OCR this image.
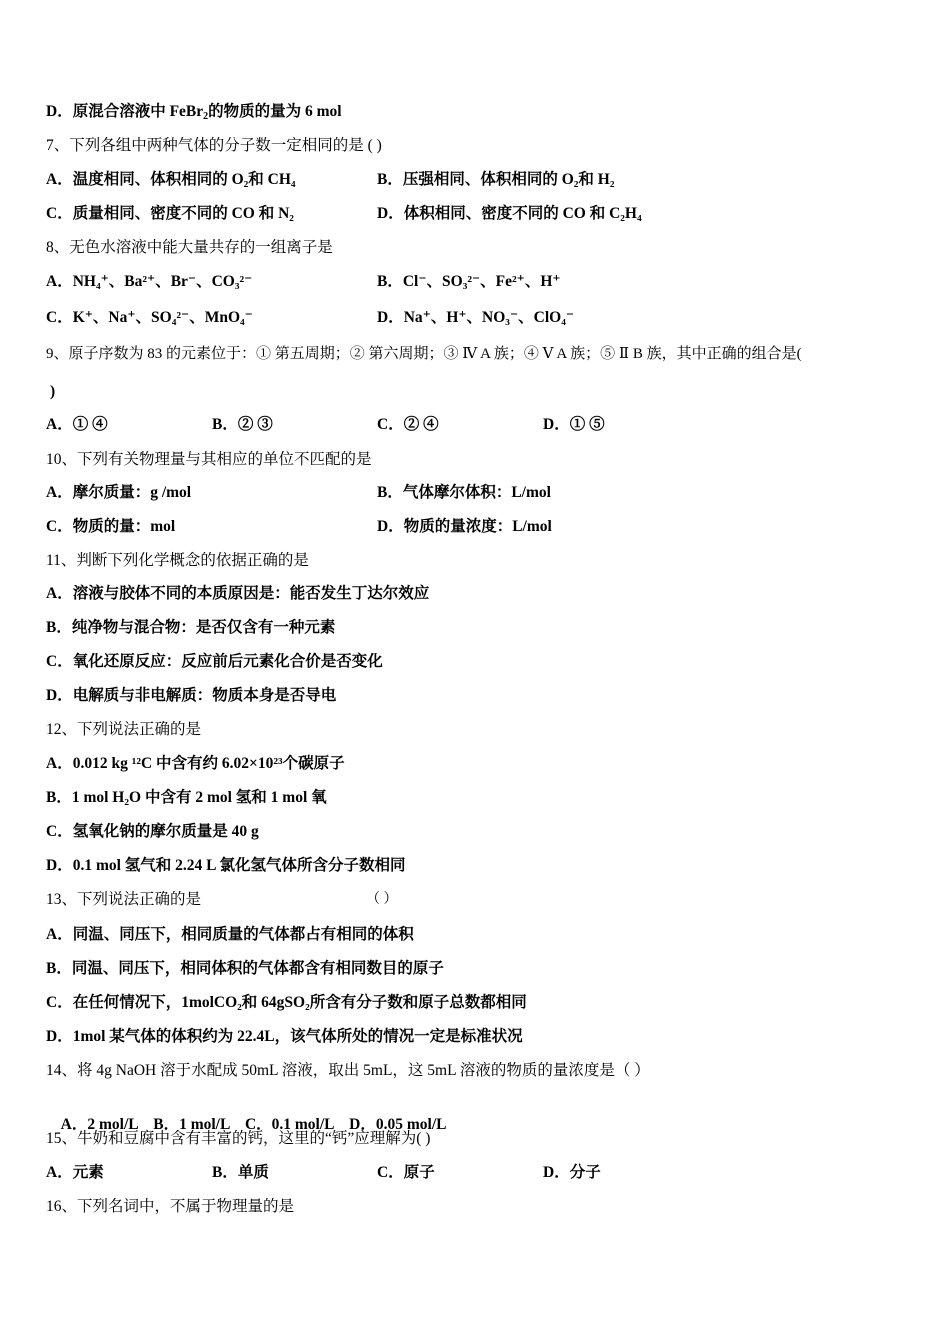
D．原混合溶液中 FeBr$_2$的物质的量为 6 mol
7、下列各组中两种气体的分子数一定相同的是 ( )
A．温度相同、体积相同的 O₂和 CH₄	B．压强相同、体积相同的 O₂和 H₂
C．质量相同、密度不同的 CO 和 N₂	D．体积相同、密度不同的 CO 和 C₂H₄
8、无色水溶液中能大量共存的一组离子是
A．NH₄⁺、Ba²⁺、Br⁻、CO₃²⁻	B．Cl⁻、SO₃²⁻、Fe²⁺、H⁺
C．K⁺、Na⁺、SO₄²⁻、MnO₄⁻	D．Na⁺、H⁺、NO₃⁻、ClO₄⁻
9、原子序数为 83 的元素位于：① 第五周期；② 第六周期；③ Ⅳ A 族；④ Ⅴ A 族；⑤ Ⅱ B 族，其中正确的组合是(
)
A．① ④	B．② ③	C．② ④	D．① ⑤
10、下列有关物理量与其相应的单位不匹配的是
A．摩尔质量：g /mol	B．气体摩尔体积：L/mol
C．物质的量：mol	D．物质的量浓度：L/mol
11、判断下列化学概念的依据正确的是
A．溶液与胶体不同的本质原因是：能否发生丁达尔效应
B．纯净物与混合物：是否仅含有一种元素
C．氧化还原反应：反应前后元素化合价是否变化
D．电解质与非电解质：物质本身是否导电
12、下列说法正确的是
A．0.012 kg ¹²C 中含有约 6.02×10²³个碳原子
B．1 mol H₂O 中含有 2 mol 氢和 1 mol 氧
C．氢氧化钠的摩尔质量是 40 g
D．0.1 mol 氢气和 2.24 L 氯化氢气体所含分子数相同
13、下列说法正确的是	（ ）
A．同温、同压下，相同质量的气体都占有相同的体积
B．同温、同压下，相同体积的气体都含有相同数目的原子
C．在任何情况下，1molCO₂和 64gSO₂所含有分子数和原子总数都相同
D．1mol 某气体的体积约为 22.4L，该气体所处的情况一定是标准状况
14、将 4g NaOH 溶于水配成 50mL 溶液，取出 5mL，这 5mL 溶液的物质的量浓度是（ ）

A．2 mol/L    B．1 mol/L    C．0.1 mol/L    D．0.05 mol/L

15、牛奶和豆腐中含有丰富的钙，这里的“钙”应理解为( )
A．元素	B．单质	C．原子	D．分子
16、下列名词中，不属于物理量的是
